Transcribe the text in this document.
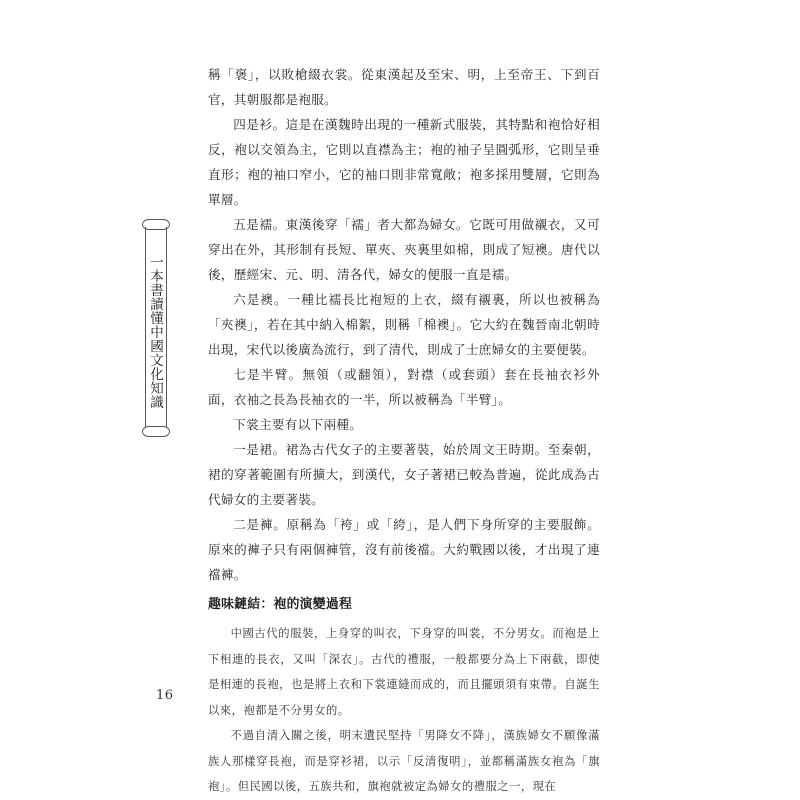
一本書讀懂中國文化知識

稱「褒」，以敗槍綴衣裳。從東漢起及至宋、明，上至帝王、下到百官，其朝服都是袍服。

四是衫。這是在漢魏時出現的一種新式服裝，其特點和袍恰好相反，袍以交領為主，它則以直襟為主；袍的袖子呈圓弧形，它則呈垂直形；袍的袖口窄小，它的袖口則非常寬敞；袍多採用雙層，它則為單層。

五是襦。東漢後穿「襦」者大都為婦女。它既可用做襯衣，又可穿出在外，其形制有長短、單夾、夾裏里如棉，則成了短襖。唐代以後，歷經宋、元、明、清各代，婦女的便服一直是襦。

六是襖。一種比襦長比袍短的上衣，綴有襯裏，所以也被稱為「夾襖」，若在其中納入棉絮，則稱「棉襖」。它大約在魏晉南北朝時出現，宋代以後廣為流行，到了清代，則成了士庶婦女的主要便裝。

七是半臂。無領（或翻領），對襟（或套頭）套在長袖衣衫外面，衣袖之長為長袖衣的一半，所以被稱為「半臂」。

下裳主要有以下兩種。

一是裙。裙為古代女子的主要著裝，始於周文王時期。至秦朝，裙的穿著範圍有所擴大，到漢代，女子著裙已較為普遍，從此成為古代婦女的主要著裝。

二是褲。原稱為「袴」或「絝」，是人們下身所穿的主要服飾。原來的褲子只有兩個褲管，沒有前後襠。大約戰國以後，才出現了連襠褲。

趣味鏈結：袍的演變過程

中國古代的服裝，上身穿的叫衣，下身穿的叫裳，不分男女。而袍是上下相連的長衣，又叫「深衣」。古代的禮服，一般都要分為上下兩截，即使是相連的長袍，也是將上衣和下裳連縫而成的，而且擺頭須有束帶。自誕生以來，袍都是不分男女的。

不過自清入關之後，明末遺民堅持「男降女不降」，漢族婦女不願像滿族人那樣穿長袍，而是穿衫裙，以示「反清復明」，並都稱滿族女袍為「旗袍」。但民國以後，五族共和，旗袍就被定為婦女的禮服之一，現在

16
